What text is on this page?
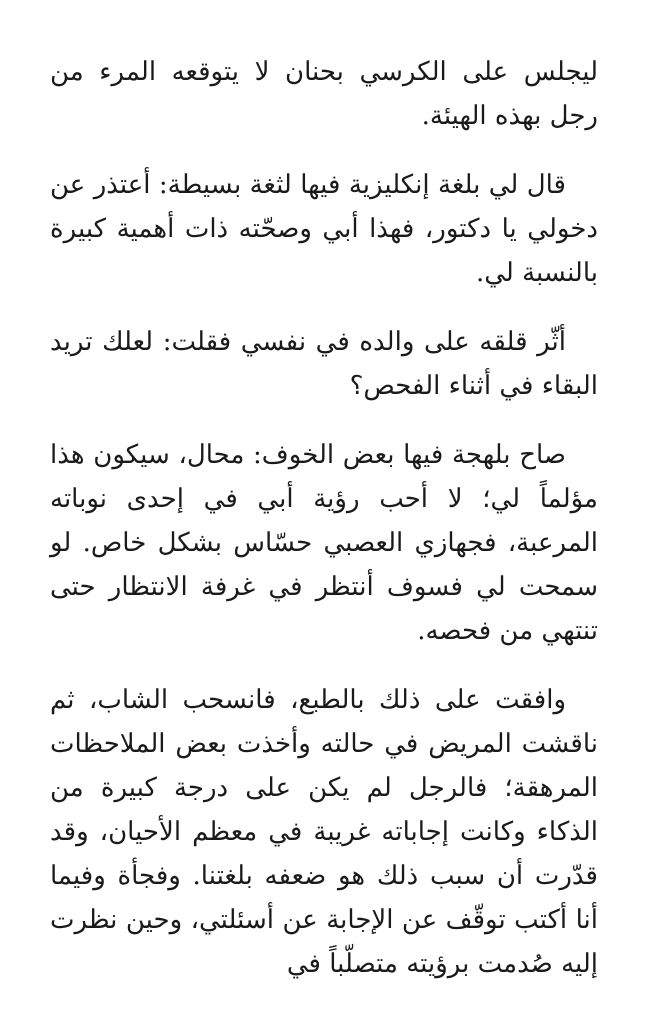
ليجلس على الكرسي بحنان لا يتوقعه المرء من رجل بهذه الهيئة.

قال لي بلغة إنكليزية فيها لثغة بسيطة: أعتذر عن دخولي يا دكتور، فهذا أبي وصحّته ذات أهمية كبيرة بالنسبة لي.

أثّر قلقه على والده في نفسي فقلت: لعلك تريد البقاء في أثناء الفحص؟

صاح بلهجة فيها بعض الخوف: محال، سيكون هذا مؤلماً لي؛ لا أحب رؤية أبي في إحدى نوباته المرعبة، فجهازي العصبي حسّاس بشكل خاص. لو سمحت لي فسوف أنتظر في غرفة الانتظار حتى تنتهي من فحصه.

وافقت على ذلك بالطبع، فانسحب الشاب، ثم ناقشت المريض في حالته وأخذت بعض الملاحظات المرهقة؛ فالرجل لم يكن على درجة كبيرة من الذكاء وكانت إجاباته غريبة في معظم الأحيان، وقد قدّرت أن سبب ذلك هو ضعفه بلغتنا. وفجأة وفيما أنا أكتب توقّف عن الإجابة عن أسئلتي، وحين نظرت إليه صُدمت برؤيته متصلّباً في
